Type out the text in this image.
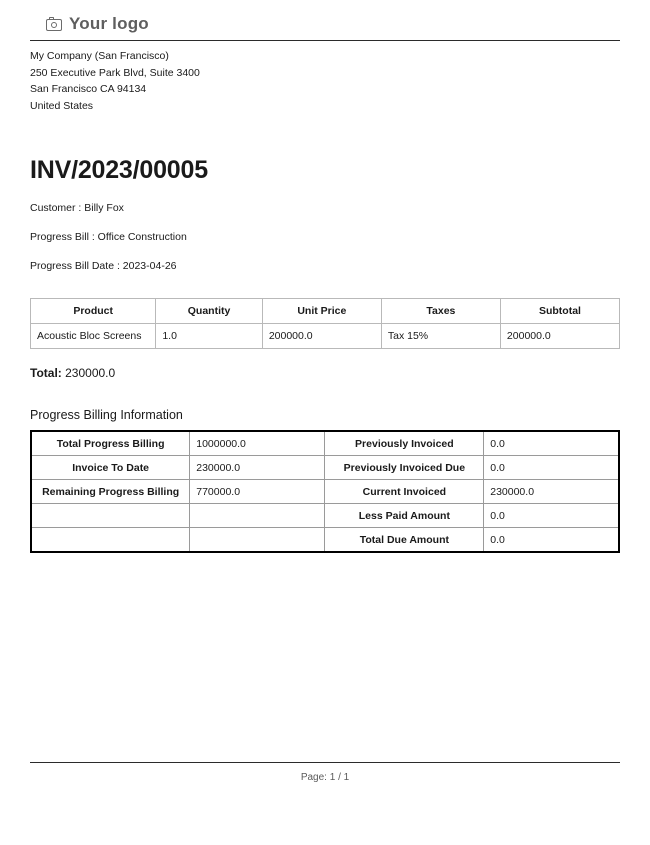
Your logo
My Company (San Francisco)
250 Executive Park Blvd, Suite 3400
San Francisco CA 94134
United States
INV/2023/00005
Customer : Billy Fox
Progress Bill : Office Construction
Progress Bill Date : 2023-04-26
Product	Quantity	Unit Price	Taxes	Subtotal
Acoustic Bloc Screens	1.0	200000.0	Tax 15%	200000.0
Total: 230000.0
Progress Billing Information
Total Progress Billing	1000000.0	Previously Invoiced	0.0
Invoice To Date	230000.0	Previously Invoiced Due	0.0
Remaining Progress Billing	770000.0	Current Invoiced	230000.0
		Less Paid Amount	0.0
		Total Due Amount	0.0
Page: 1 / 1
